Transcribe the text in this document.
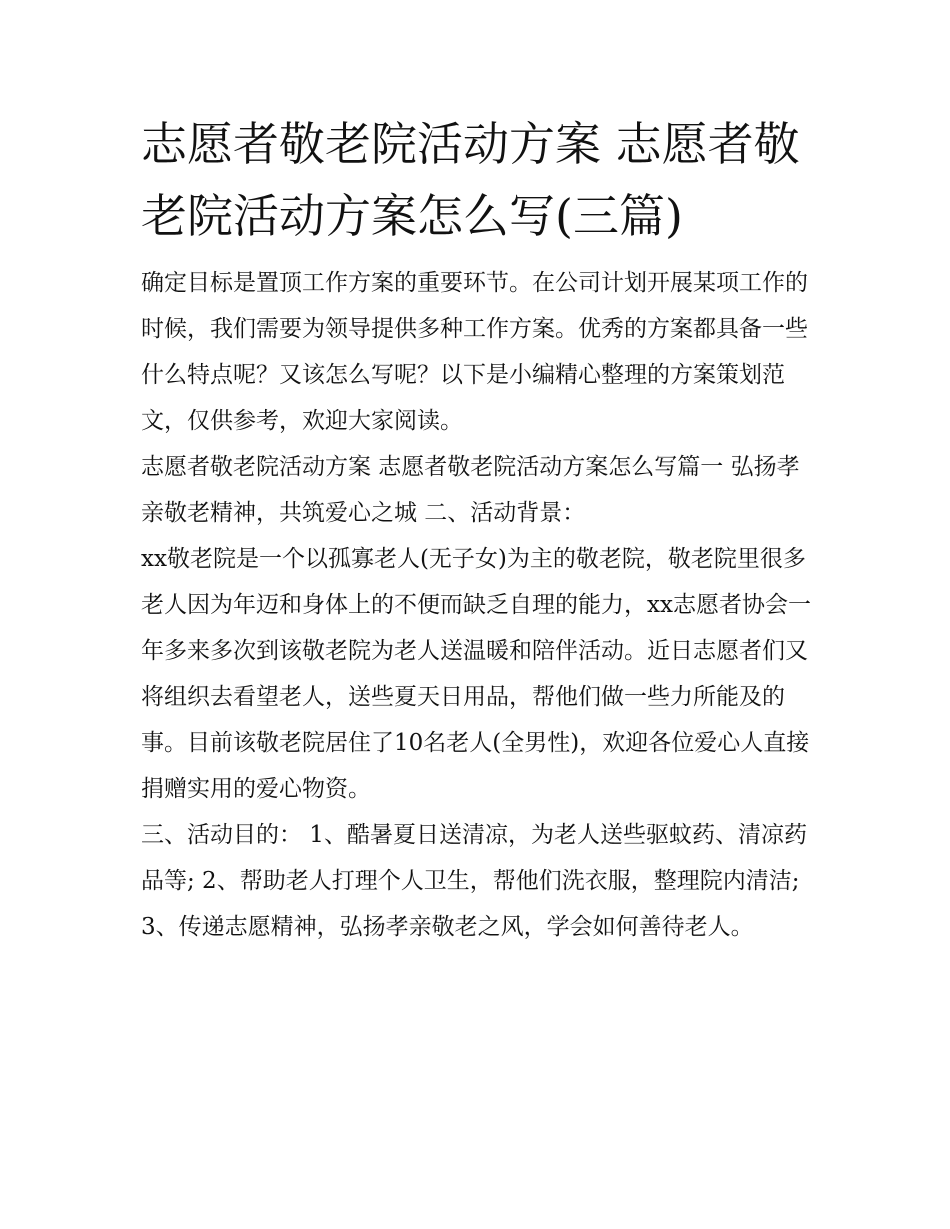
志愿者敬老院活动方案 志愿者敬老院活动方案怎么写(三篇)

确定目标是置顶工作方案的重要环节。在公司计划开展某项工作的时候，我们需要为领导提供多种工作方案。优秀的方案都具备一些什么特点呢？又该怎么写呢？以下是小编精心整理的方案策划范文，仅供参考，欢迎大家阅读。

志愿者敬老院活动方案 志愿者敬老院活动方案怎么写篇一 弘扬孝亲敬老精神，共筑爱心之城 二、活动背景：

xx敬老院是一个以孤寡老人(无子女)为主的敬老院，敬老院里很多老人因为年迈和身体上的不便而缺乏自理的能力，xx志愿者协会一年多来多次到该敬老院为老人送温暖和陪伴活动。近日志愿者们又将组织去看望老人，送些夏天日用品，帮他们做一些力所能及的事。目前该敬老院居住了10名老人(全男性)，欢迎各位爱心人直接捐赠实用的爱心物资。

三、活动目的： 1、酷暑夏日送清凉，为老人送些驱蚊药、清凉药品等; 2、帮助老人打理个人卫生，帮他们洗衣服，整理院内清洁;

3、传递志愿精神，弘扬孝亲敬老之风，学会如何善待老人。
